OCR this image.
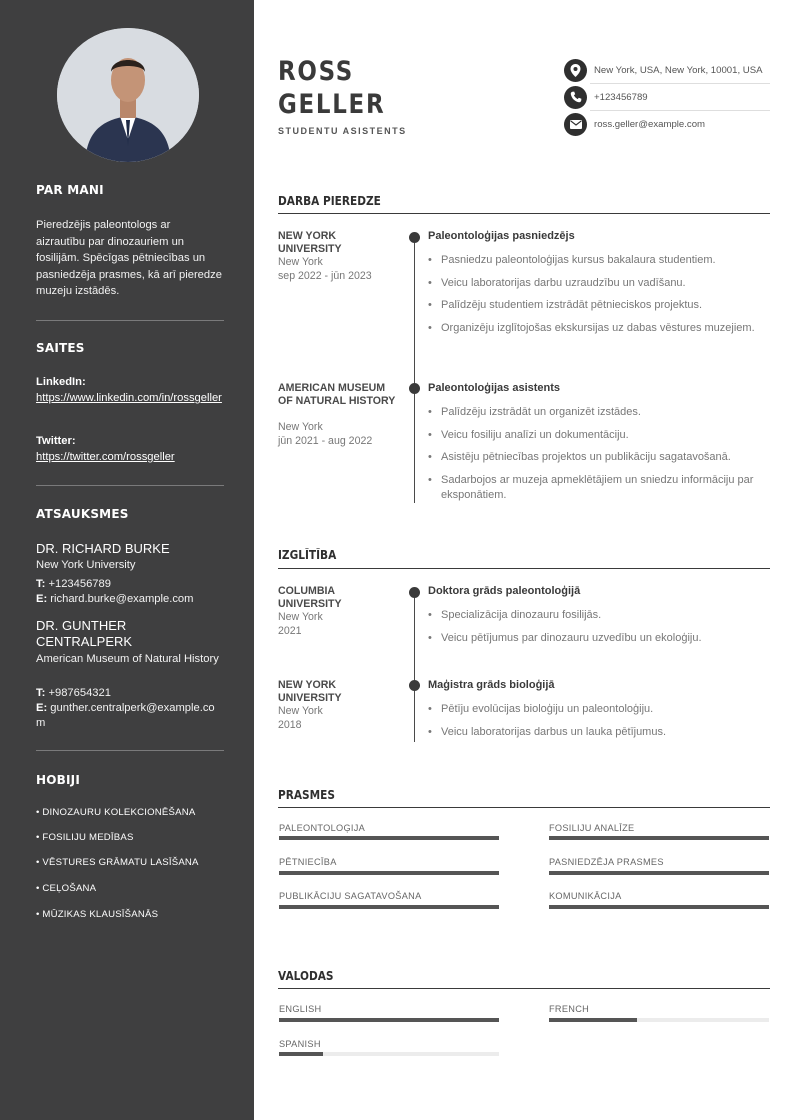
PAR MANI
Pieredzējis paleontologs ar aizrautību par dinozauriem un fosilijām. Spēcīgas pētniecības un pasniedzēja prasmes, kā arī pieredze muzeju izstādēs.
SAITES
LinkedIn:
https://www.linkedin.com/in/rossgeller
Twitter:
https://twitter.com/rossgeller
ATSAUKSMES
DR. RICHARD BURKE
New York University
T: +123456789
E: richard.burke@example.com
DR. GUNTHER CENTRALPERK
American Museum of Natural History
T: +987654321
E: gunther.centralperk@example.com
HOBIJI
• DINOZAURU KOLEKCIONĒŠANA
• FOSILIJU MEDĪBAS
• VĒSTURES GRĀMATU LASĪŠANA
• CEĻOŠANA
• MŪZIKAS KLAUSĪŠANĀS
ROSS
GELLER
STUDENTU ASISTENTS
New York, USA, New York, 10001, USA
+123456789
ross.geller@example.com
DARBA PIEREDZE
NEW YORK UNIVERSITY
New York
sep 2022 - jūn 2023
Paleontoloģijas pasniedzējs
• Pasniedzu paleontoloģijas kursus bakalaura studentiem.
• Veicu laboratorijas darbu uzraudzību un vadīšanu.
• Palīdzēju studentiem izstrādāt pētnieciskos projektus.
• Organizēju izglītojošas ekskursijas uz dabas vēstures muzejiem.
AMERICAN MUSEUM OF NATURAL HISTORY
New York
jūn 2021 - aug 2022
Paleontoloģijas asistents
• Palīdzēju izstrādāt un organizēt izstādes.
• Veicu fosiliju analīzi un dokumentāciju.
• Asistēju pētniecības projektos un publikāciju sagatavošanā.
• Sadarbojos ar muzeja apmeklētājiem un sniedzu informāciju par eksponātiem.
IZGLĪTĪBA
COLUMBIA UNIVERSITY
New York
2021
Doktora grāds paleontoloģijā
• Specializācija dinozauru fosilijās.
• Veicu pētījumus par dinozauru uzvedību un ekoloģiju.
NEW YORK UNIVERSITY
New York
2018
Maģistra grāds bioloģijā
• Pētīju evolūcijas bioloģiju un paleontoloģiju.
• Veicu laboratorijas darbus un lauka pētījumus.
PRASMES
PALEONTOLOĢIJA	FOSILIJU ANALĪZE
PĒTNIECĪBA	PASNIEDZĒJA PRASMES
PUBLIKĀCIJU SAGATAVOŠANA	KOMUNIKĀCIJA
VALODAS
ENGLISH	FRENCH
SPANISH
